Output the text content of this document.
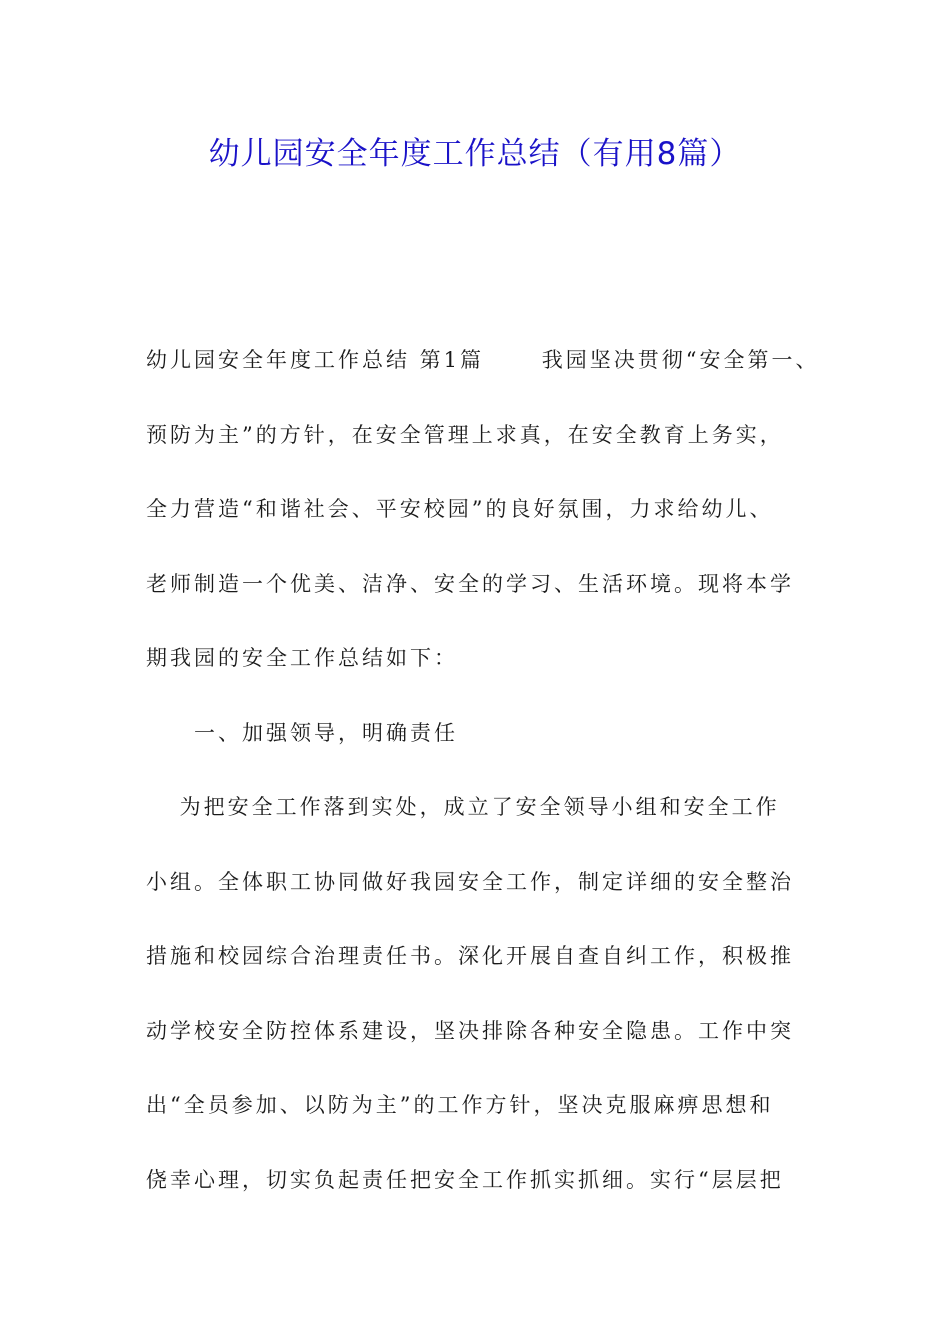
幼儿园安全年度工作总结（有用8篇）
幼儿园安全年度工作总结 第1篇 　　我园坚决贯彻“安全第一、
预防为主”的方针，在安全管理上求真，在安全教育上务实，
全力营造“和谐社会、平安校园”的良好氛围，力求给幼儿、
老师制造一个优美、洁净、安全的学习、生活环境。现将本学
期我园的安全工作总结如下：
　　一、加强领导，明确责任
　 为把安全工作落到实处，成立了安全领导小组和安全工作
小组。全体职工协同做好我园安全工作，制定详细的安全整治
措施和校园综合治理责任书。深化开展自查自纠工作，积极推
动学校安全防控体系建设，坚决排除各种安全隐患。工作中突
出“全员参加、以防为主”的工作方针，坚决克服麻痹思想和
侥幸心理，切实负起责任把安全工作抓实抓细。实行“层层把
